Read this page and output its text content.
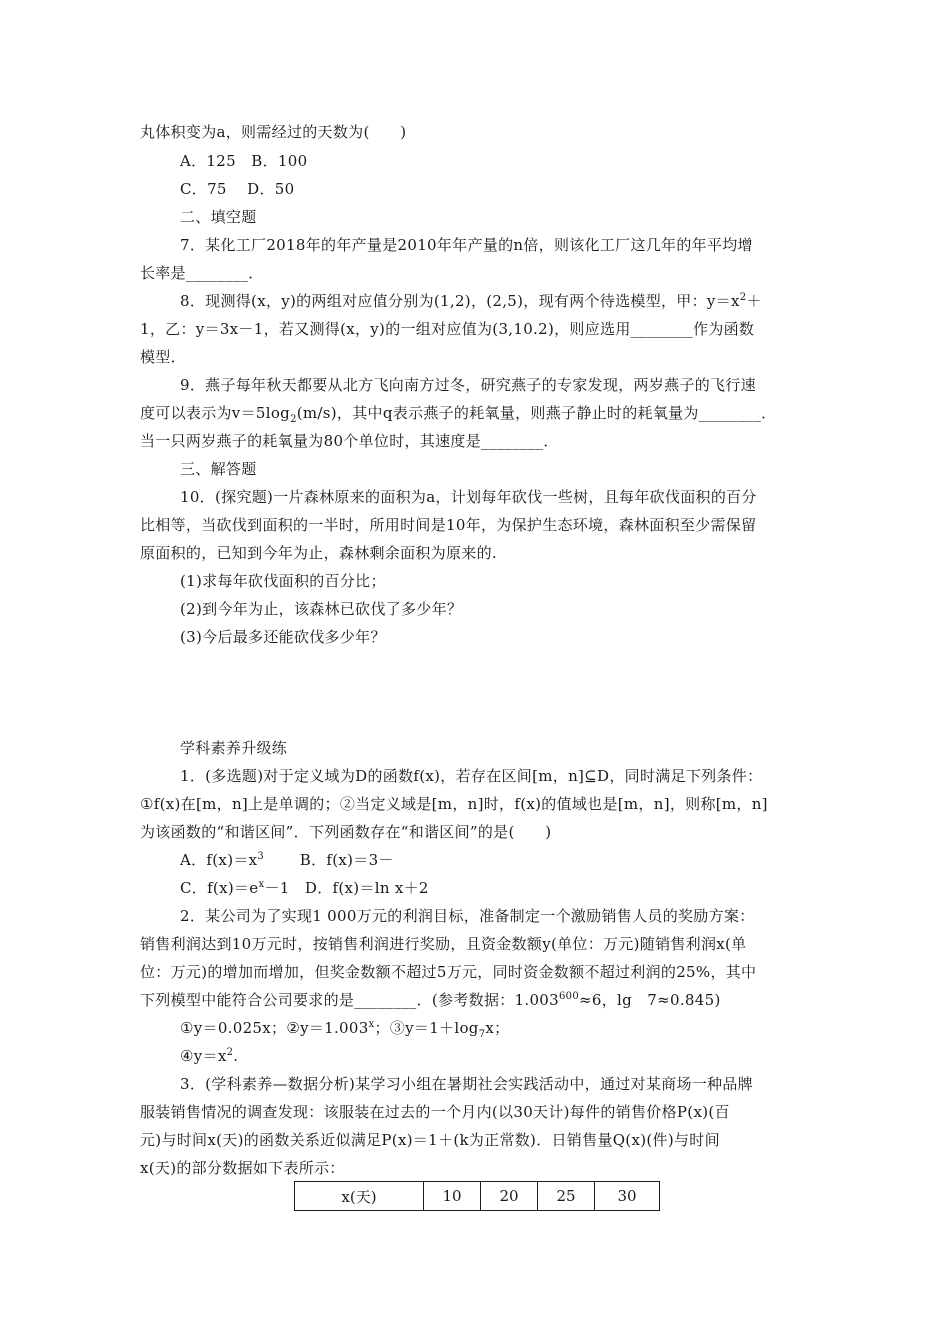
丸体积变为a，则需经过的天数为(　　)
A．125　B．100
C．75　 D．50
二、填空题
7．某化工厂2018年的年产量是2010年年产量的n倍，则该化工厂这几年的年平均增
长率是________．
8．现测得(x，y)的两组对应值分别为(1,2)，(2,5)，现有两个待选模型，甲：$y=x^2+$
1，乙：y＝3x－1，若又测得(x，y)的一组对应值为(3,10.2)，则应选用________作为函数
模型．
9．燕子每年秋天都要从北方飞向南方过冬，研究燕子的专家发现，两岁燕子的飞行速
度可以表示为$v=5\log_2(m/s)$，其中q表示燕子的耗氧量，则燕子静止时的耗氧量为________．
当一只两岁燕子的耗氧量为80个单位时，其速度是________．
三、解答题
10．(探究题)一片森林原来的面积为a，计划每年砍伐一些树，且每年砍伐面积的百分
比相等，当砍伐到面积的一半时，所用时间是10年，为保护生态环境，森林面积至少需保留
原面积的，已知到今年为止，森林剩余面积为原来的.
(1)求每年砍伐面积的百分比；
(2)到今年为止，该森林已砍伐了多少年？
(3)今后最多还能砍伐多少年？
学科素养升级练
1．(多选题)对于定义域为D的函数f(x)，若存在区间[m，n]⊆D，同时满足下列条件：
①f(x)在[m，n]上是单调的；②当定义域是[m，n]时，f(x)的值域也是[m，n]，则称[m，n]
为该函数的“和谐区间”．下列函数存在“和谐区间”的是(　　)
A．$f(x)=x^3$　　 B．f(x)＝3－
C．$f(x)=e^x-1$　D．f(x)＝ln x＋2
2．某公司为了实现1 000万元的利润目标，准备制定一个激励销售人员的奖励方案：
销售利润达到10万元时，按销售利润进行奖励，且资金数额y(单位：万元)随销售利润x(单
位：万元)的增加而增加，但奖金数额不超过5万元，同时资金数额不超过利润的25%，其中
下列模型中能符合公司要求的是________．(参考数据：$1.003^{600}\approx 6$，lg　7≈0.845)
①y＝0.025x；$②y=1.003^x$；$③y=1+\log_7x$；
$④y=x^2$.
3．(学科素养—数据分析)某学习小组在暑期社会实践活动中，通过对某商场一种品牌
服装销售情况的调查发现：该服装在过去的一个月内(以30天计)每件的销售价格P(x)(百
元)与时间x(天)的函数关系近似满足P(x)＝1＋(k为正常数)．日销售量Q(x)(件)与时间
x(天)的部分数据如下表所示：
x(天)	10	20	25	30
